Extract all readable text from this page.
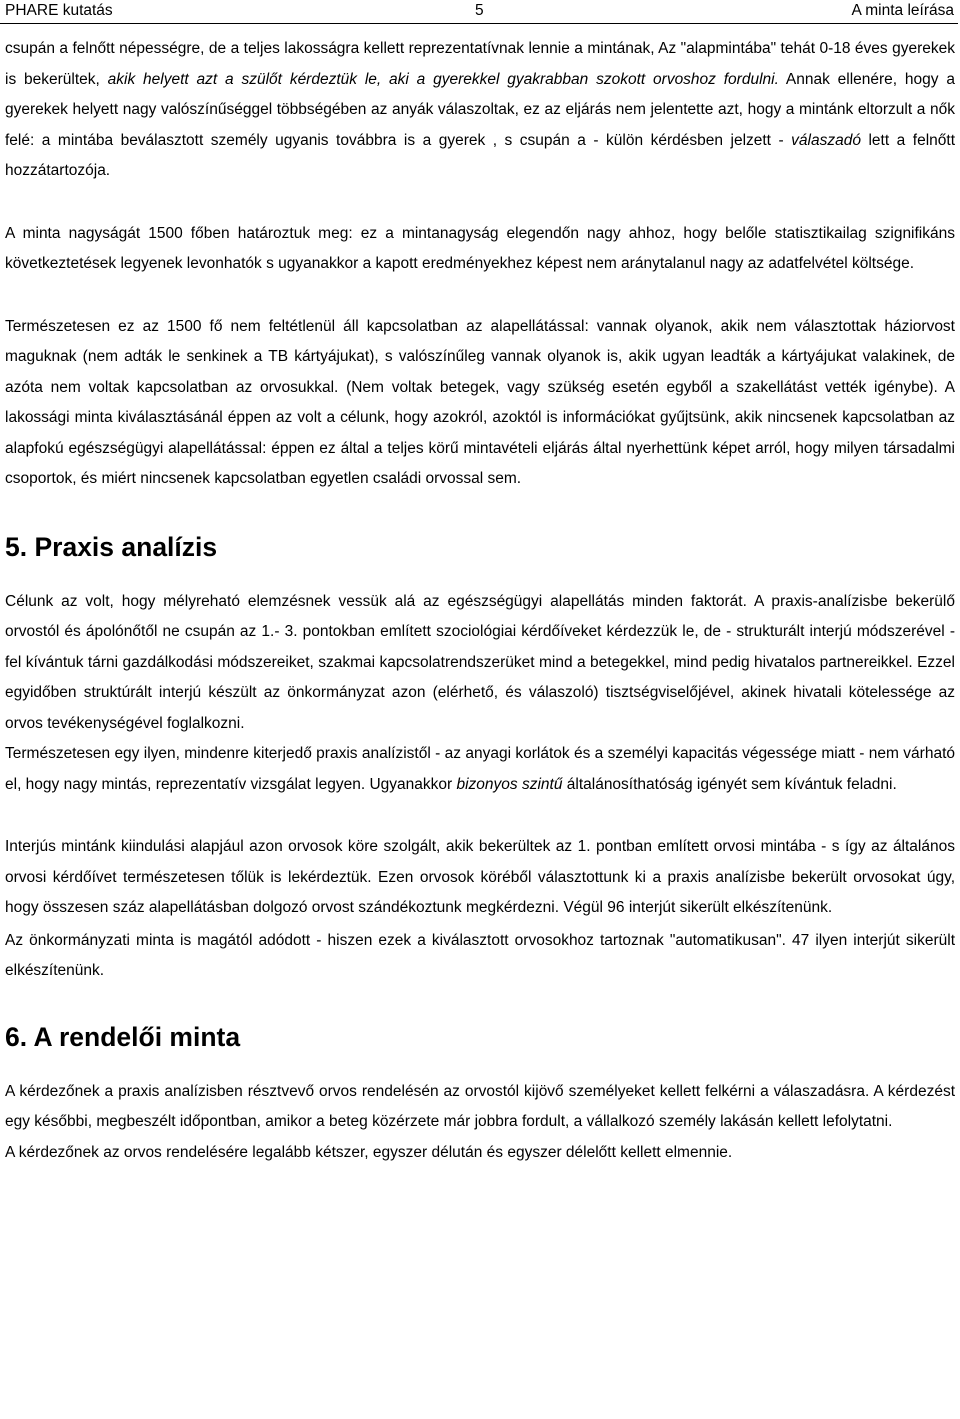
PHARE kutatás	5	A minta leírása

csupán a felnőtt népességre, de a teljes lakosságra kellett reprezentatívnak lennie a mintának, Az "alapmintába" tehát 0-18 éves gyerekek is bekerültek, akik helyett azt a szülőt kérdeztük le, aki a gyerekkel gyakrabban szokott orvoshoz fordulni. Annak ellenére, hogy a gyerekek helyett nagy valószínűséggel többségében az anyák válaszoltak, ez az eljárás nem jelentette azt, hogy a mintánk eltorzult a nők felé: a mintába beválasztott személy ugyanis továbbra is a gyerek , s csupán a - külön kérdésben jelzett - válaszadó lett a felnőtt hozzátartozója.

A minta nagyságát 1500 főben határoztuk meg: ez a mintanagyság elegendőn nagy ahhoz, hogy belőle statisztikailag szignifikáns következtetések legyenek levonhatók s ugyanakkor a kapott eredményekhez képest nem aránytalanul nagy az adatfelvétel költsége.

Természetesen ez az 1500 fő nem feltétlenül áll kapcsolatban az alapellátással: vannak olyanok, akik nem választottak háziorvost maguknak (nem adták le senkinek a TB kártyájukat), s valószínűleg vannak olyanok is, akik ugyan leadták a kártyájukat valakinek, de azóta nem voltak kapcsolatban az orvosukkal. (Nem voltak betegek, vagy szükség esetén egyből a szakellátást vették igénybe). A lakossági minta kiválasztásánál éppen az volt a célunk, hogy azokról, azoktól is információkat gyűjtsünk, akik nincsenek kapcsolatban az alapfokú egészségügyi alapellátással: éppen ez által a teljes körű mintavételi eljárás által nyerhettünk képet arról, hogy milyen társadalmi csoportok, és miért nincsenek kapcsolatban egyetlen családi orvossal sem.

5. Praxis analízis

Célunk az volt, hogy mélyreható elemzésnek vessük alá az egészségügyi alapellátás minden faktorát. A praxis-analízisbe bekerülő orvostól és ápolónőtől ne csupán az 1.- 3. pontokban említett szociológiai kérdőíveket kérdezzük le, de - strukturált interjú módszerével - fel kívántuk tárni gazdálkodási módszereiket, szakmai kapcsolatrendszerüket mind a betegekkel, mind pedig hivatalos partnereikkel. Ezzel egyidőben struktúrált interjú készült az önkormányzat azon (elérhető, és válaszoló) tisztségviselőjével, akinek hivatali kötelessége az orvos tevékenységével foglalkozni.

Természetesen egy ilyen, mindenre kiterjedő praxis analízistől - az anyagi korlátok és a személyi kapacitás végessége miatt - nem várható el, hogy nagy mintás, reprezentatív vizsgálat legyen. Ugyanakkor bizonyos szintű általánosíthatóság igényét sem kívántuk feladni.

Interjús mintánk kiindulási alapjául azon orvosok köre szolgált, akik bekerültek az 1. pontban említett orvosi mintába - s így az általános orvosi kérdőívet természetesen tőlük is lekérdeztük. Ezen orvosok köréből választottunk ki a praxis analízisbe bekerült orvosokat úgy, hogy összesen száz alapellátásban dolgozó orvost szándékoztunk megkérdezni. Végül 96 interjút sikerült elkészítenünk.

Az önkormányzati minta is magától adódott - hiszen ezek a kiválasztott orvosokhoz tartoznak "automatikusan". 47 ilyen interjút sikerült elkészítenünk.

6. A rendelői minta

A kérdezőnek a praxis analízisben résztvevő orvos rendelésén az orvostól kijövő személyeket kellett felkérni a válaszadásra. A kérdezést egy későbbi, megbeszélt időpontban, amikor a beteg közérzete már jobbra fordult, a vállalkozó személy lakásán kellett lefolytatni.

A kérdezőnek az orvos rendelésére legalább kétszer, egyszer délután és egyszer délelőtt kellett elmennie.
